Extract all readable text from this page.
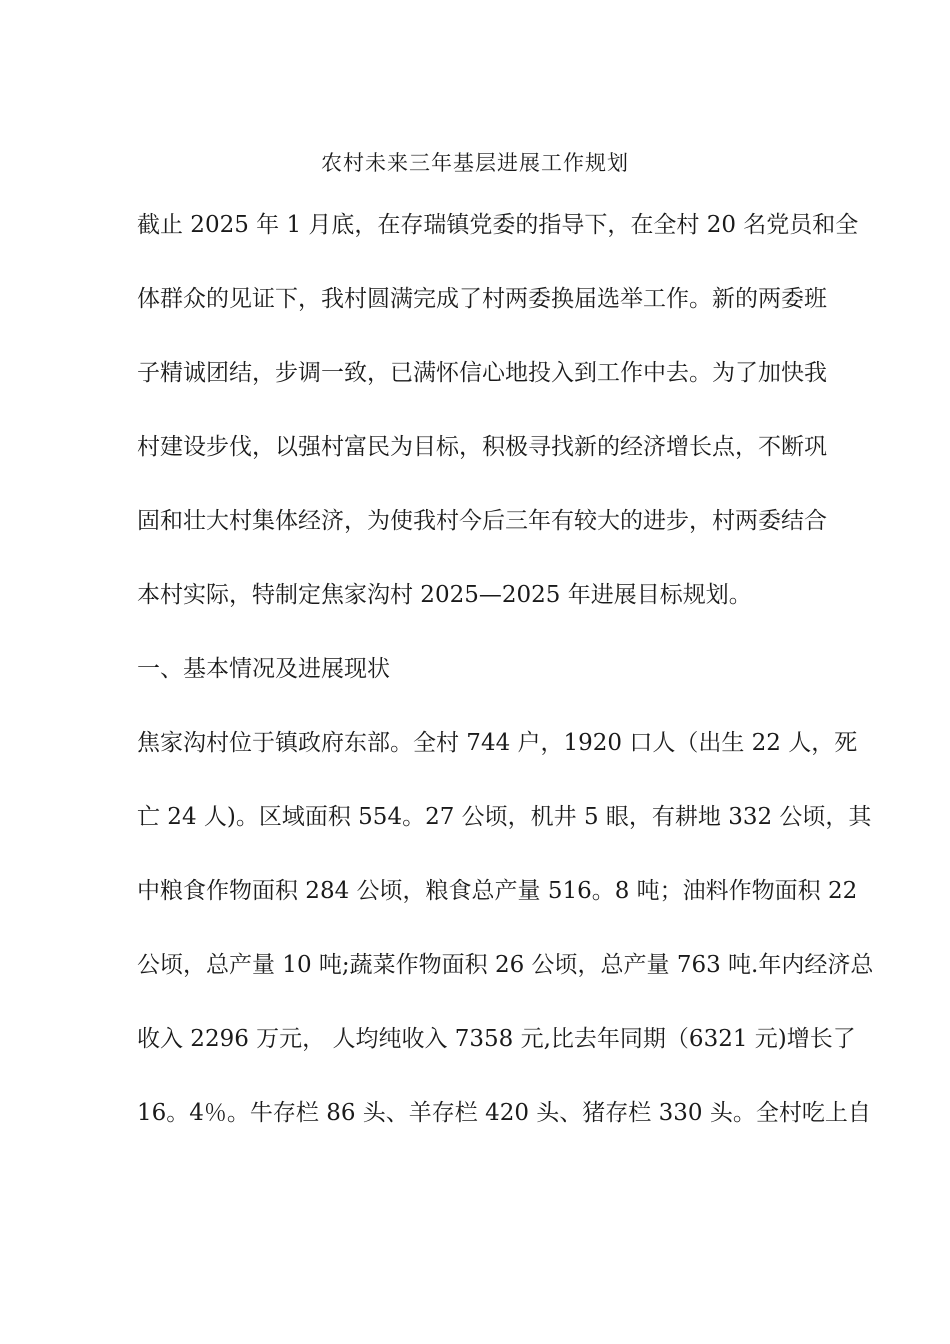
农村未来三年基层进展工作规划
截止 2025 年 1 月底，在存瑞镇党委的指导下，在全村 20 名党员和全
体群众的见证下，我村圆满完成了村两委换届选举工作。新的两委班
子精诚团结，步调一致，已满怀信心地投入到工作中去。为了加快我
村建设步伐，以强村富民为目标，积极寻找新的经济增长点，不断巩
固和壮大村集体经济，为使我村今后三年有较大的进步，村两委结合
本村实际，特制定焦家沟村 2025—2025 年进展目标规划。
一、基本情况及进展现状
焦家沟村位于镇政府东部。全村 744 户，1920 口人（出生 22 人，死
亡 24 人)。区域面积 554。27 公顷，机井 5 眼，有耕地 332 公顷，其
中粮食作物面积 284 公顷，粮食总产量 516。8 吨；油料作物面积 22
公顷，总产量 10 吨;蔬菜作物面积 26 公顷，总产量 763 吨.年内经济总
收入 2296 万元， 人均纯收入 7358 元,比去年同期（6321 元)增长了
16。4％。牛存栏 86 头、羊存栏 420 头、猪存栏 330 头。全村吃上自
